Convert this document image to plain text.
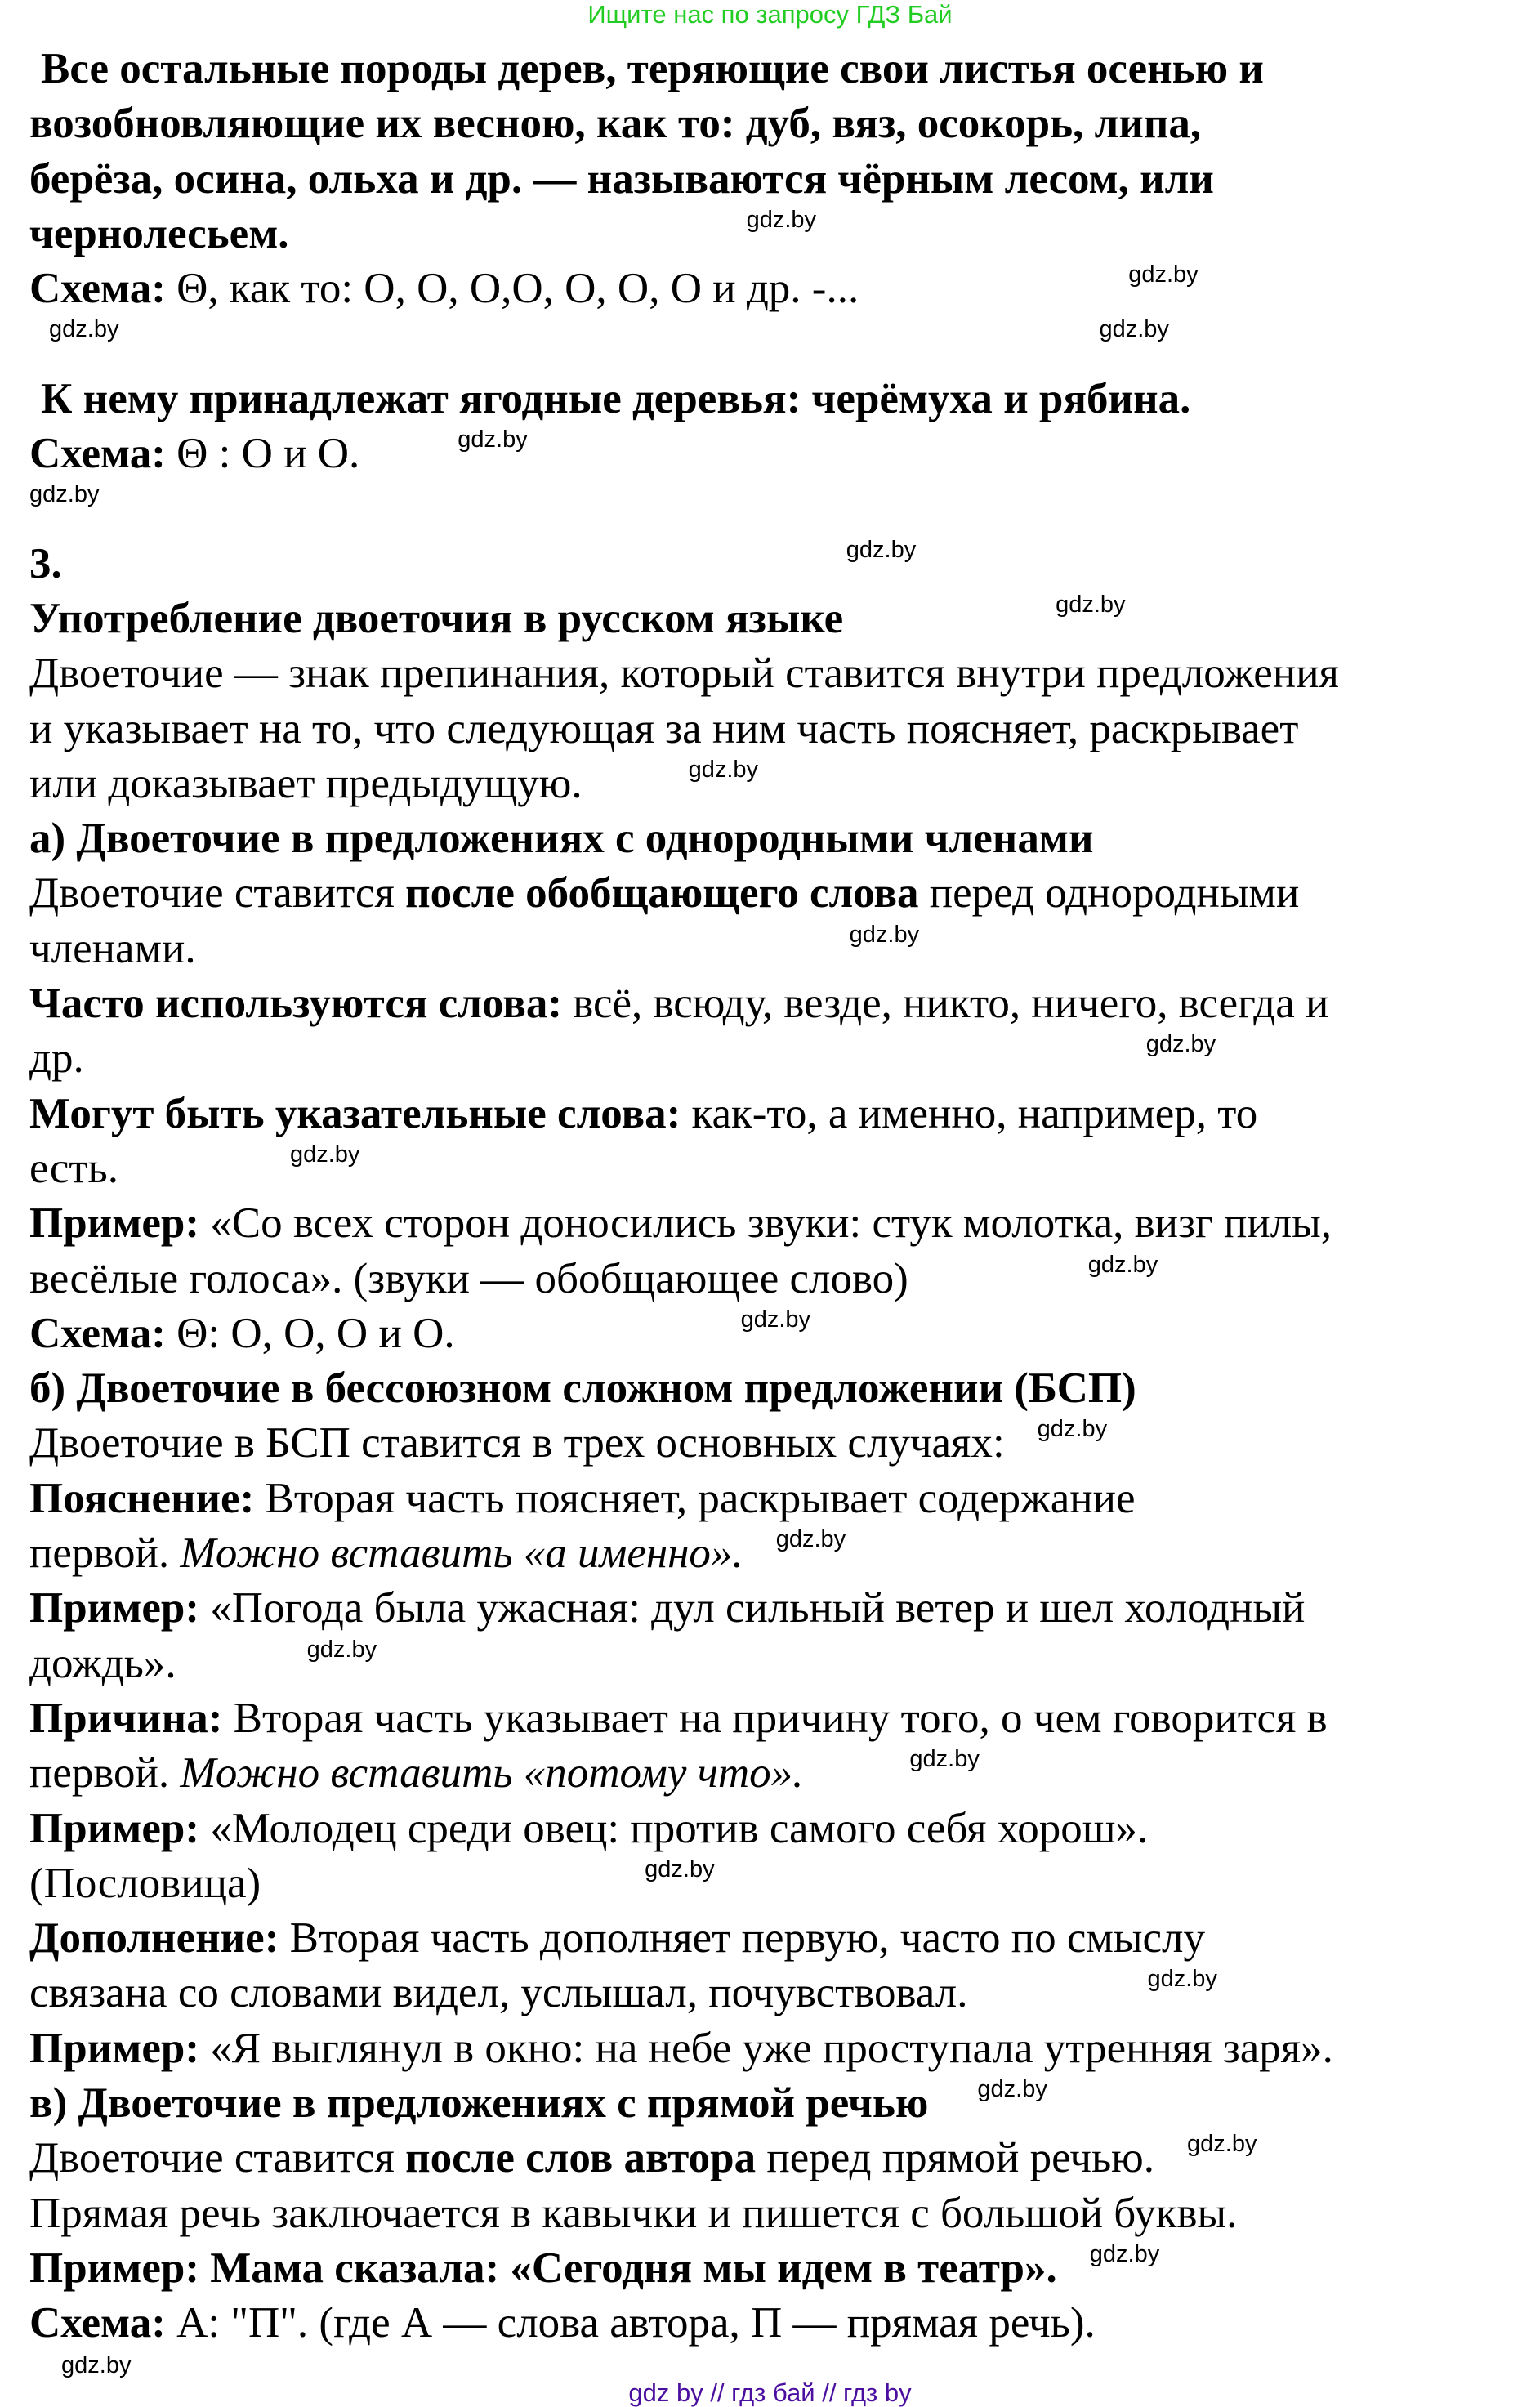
Ищите нас по запросу ГДЗ Бай
Все остальные породы дерев, теряющие свои листья осенью и
возобновляющие их весною, как то: дуб, вяз, осокорь, липа,
берёза, осина, ольха и др. — называются чёрным лесом, или
чернолесьем.	gdz.by
Схема: Θ, как то: О, О, О,О, О, О, О и др. -...	gdz.by
gdz.by	gdz.by
К нему принадлежат ягодные деревья: черёмуха и рябина.
Схема: Θ : О и О.	gdz.by
gdz.by
3.	gdz.by
Употребление двоеточия в русском языке	gdz.by
Двоеточие — знак препинания, который ставится внутри предложения
и указывает на то, что следующая за ним часть поясняет, раскрывает
или доказывает предыдущую.	gdz.by
а) Двоеточие в предложениях с однородными членами
Двоеточие ставится после обобщающего слова перед однородными
членами.	gdz.by
Часто используются слова: всё, всюду, везде, никто, ничего, всегда и
др.	gdz.by
Могут быть указательные слова: как-то, а именно, например, то
есть.	gdz.by
Пример: «Со всех сторон доносились звуки: стук молотка, визг пилы,
весёлые голоса». (звуки — обобщающее слово)	gdz.by
Схема: Θ: О, О, О и О.	gdz.by
б) Двоеточие в бессоюзном сложном предложении (БСП)
Двоеточие в БСП ставится в трех основных случаях: gdz.by
Пояснение: Вторая часть поясняет, раскрывает содержание
первой. Можно вставить «а именно». gdz.by
Пример: «Погода была ужасная: дул сильный ветер и шел холодный
дождь».	gdz.by
Причина: Вторая часть указывает на причину того, о чем говорится в
первой. Можно вставить «потому что».	gdz.by
Пример: «Молодец среди овец: против самого себя хорош».
(Пословица)	gdz.by
Дополнение: Вторая часть дополняет первую, часто по смыслу
связана со словами видел, услышал, почувствовал.	gdz.by
Пример: «Я выглянул в окно: на небе уже проступала утренняя заря».
в) Двоеточие в предложениях с прямой речью gdz.by
Двоеточие ставится после слов автора перед прямой речью. gdz.by
Прямая речь заключается в кавычки и пишется с большой буквы.
Пример: Мама сказала: «Сегодня мы идем в театр». gdz.by
Схема: А: "П". (где А — слова автора, П — прямая речь).
gdz by // гдз бай // гдз by
gdz.by
